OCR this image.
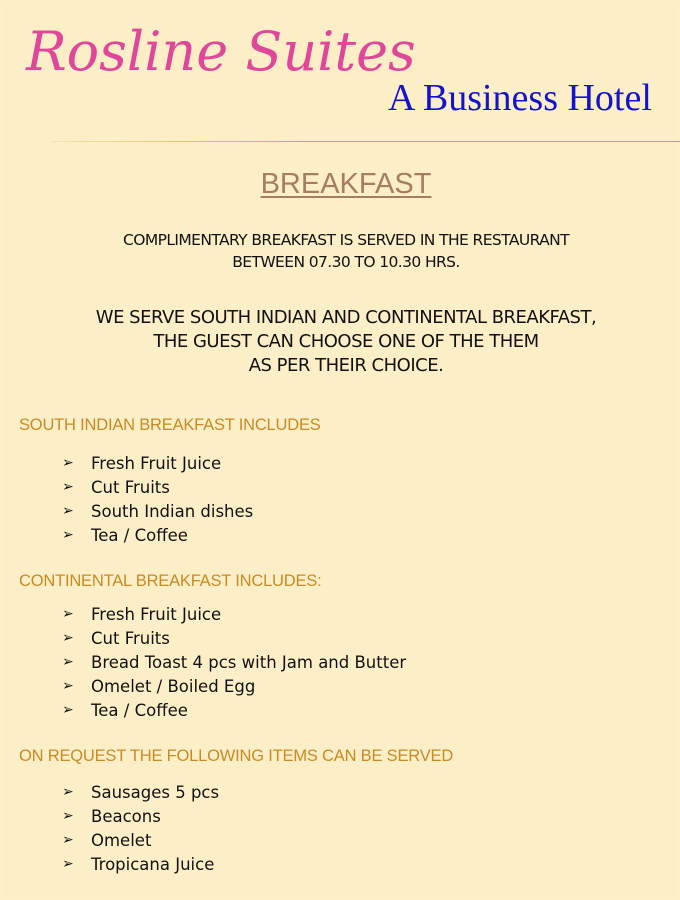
Rosline Suites
A Business Hotel
BREAKFAST
COMPLIMENTARY BREAKFAST IS SERVED IN THE RESTAURANT
BETWEEN 07.30 TO 10.30 HRS.
WE SERVE SOUTH INDIAN AND CONTINENTAL BREAKFAST,
THE GUEST CAN CHOOSE ONE OF THE THEM
AS PER THEIR CHOICE.
SOUTH INDIAN BREAKFAST INCLUDES
➢	Fresh Fruit Juice
➢	Cut Fruits
➢	South Indian dishes
➢	Tea / Coffee
CONTINENTAL BREAKFAST INCLUDES:
➢	Fresh Fruit Juice
➢	Cut Fruits
➢	Bread Toast 4 pcs with Jam and Butter
➢	Omelet / Boiled Egg
➢	Tea / Coffee
ON REQUEST THE FOLLOWING ITEMS CAN BE SERVED
➢	Sausages 5 pcs
➢	Beacons
➢	Omelet
➢	Tropicana Juice
